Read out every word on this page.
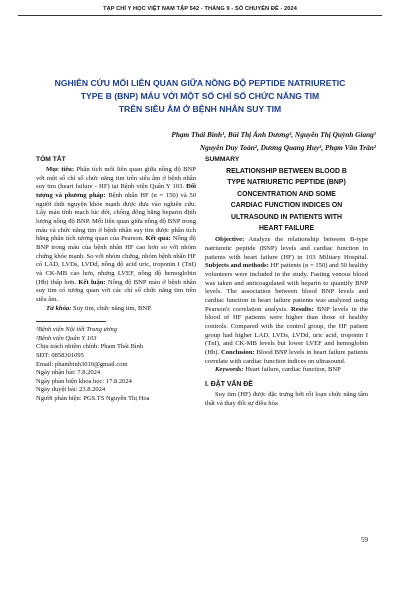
TẠP CHÍ Y HỌC VIỆT NAM TẬP 542 - THÁNG 9 - SỐ CHUYÊN ĐỀ - 2024
NGHIÊN CỨU MỐI LIÊN QUAN GIỮA NỒNG ĐỘ PEPTIDE NATRIURETIC
TYPE B (BNP) MÁU VỚI MỘT SỐ CHỈ SỐ CHỨC NĂNG TIM
TRÊN SIÊU ÂM Ở BỆNH NHÂN SUY TIM
Phạm Thái Bình¹, Bùi Thị Ánh Dương², Nguyễn Thị Quỳnh Giang¹
Nguyễn Duy Toàn², Dương Quang Huy², Phạm Văn Trân²
TÓM TẮT

Mục tiêu: Phân tích mối liên quan giữa nồng độ BNP với một số chỉ số chức năng tim trên siêu âm ở bệnh nhân suy tim (heart failure - HF) tại Bệnh viện Quân Y 103. Đối tượng và phương pháp: Bệnh nhân HF (n = 150) và 50 người tình nguyện khỏe mạnh được đưa vào nghiên cứu. Lấy máu tĩnh mạch lúc đói, chống đông bằng heparin định lượng nồng độ BNP. Mối liên quan giữa nồng độ BNP trong máu và chức năng tim ở bệnh nhân suy tim được phân tích bằng phân tích tương quan của Pearson. Kết quả: Nồng độ BNP trong máu của bệnh nhân HF cao hơn so với nhóm chứng khỏe mạnh. So với nhóm chứng, nhóm bệnh nhân HF có LAD, LVDs, LVDd, nồng độ acid uric, troponin I (TnI) và CK-MB cao hơn, nhưng LVEF, nồng độ hemoglobin (Hb) thấp hơn. Kết luận: Nồng độ BNP máu ở bệnh nhân suy tim có tương quan với các chỉ số chức năng tim trên siêu âm.

Từ khóa: Suy tim, chức năng tim, BNP.

¹Bệnh viện Nội tiết Trung ương

²Bệnh viện Quân Y 103

Chịu trách nhiệm chính: Phạm Thái Bình

SĐT: 0858301095

Email: phambinh3010@gmail.com

Ngày nhận bài: 7.8.2024

Ngày phản biện khoa học: 17.8.2024

Ngày duyệt bài: 23.8.2024

Người phản biện: PGS.TS Nguyễn Thị Hoa

SUMMARY
RELATIONSHIP BETWEEN BLOOD B
TYPE NATRIURETIC PEPTIDE (BNP)
CONCENTRATION AND SOME
CARDIAC FUNCTION INDICES ON
ULTRASOUND IN PATIENTS WITH
HEART FAILURE

Objective: Analyze the relationship between B-type natriuretic peptide (BNP) levels and cardiac function in patients with heart failure (HF) in 103 Military Hospital. Subjects and methods: HF patients (n = 150) and 50 healthy volunteers were included in the study. Fasting venous blood was taken and anticoagulated with heparin to quantify BNP levels. The association between blood BNP levels and cardiac function in heart failure patients was analyzed using Pearson's correlation analysis. Results: BNP levels in the blood of HF patients were higher than those of healthy controls. Compared with the control group, the HF patient group had higher LAD, LVDs, LVDd, uric acid, troponin I (TnI), and CK-MB levels but lower LVEF and hemoglobin (Hb). Conclusion: Blood BNP levels in heart failure patients correlate with cardiac function indices on ultrasound.

Keywords: Heart failure, cardiac function, BNP

I. ĐẶT VẤN ĐỀ

Suy tim (HF) được đặc trưng bởi rối loạn chức năng tâm thất và thay đổi sự điều hòa

59
